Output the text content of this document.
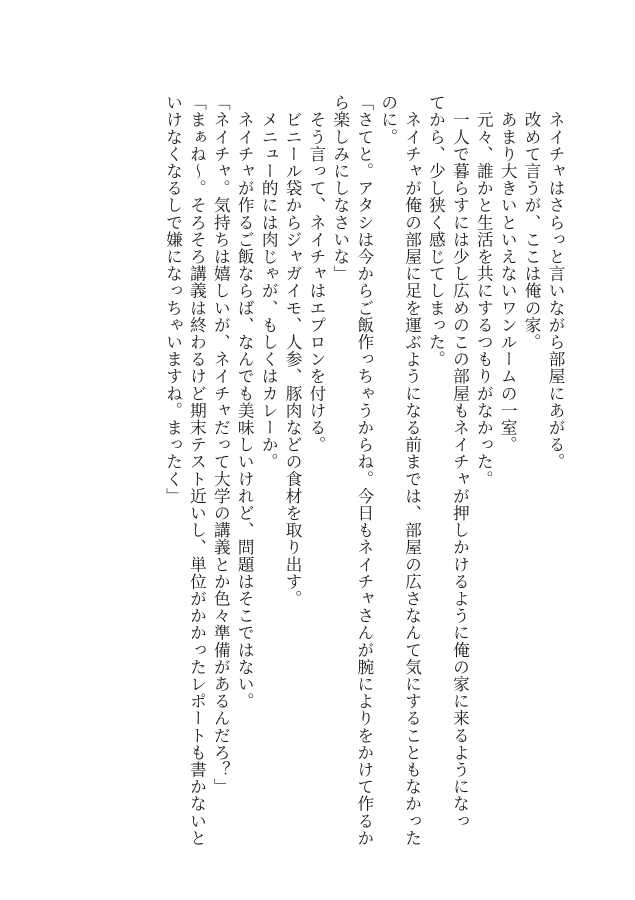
　ネイチャはさらっと言いながら部屋にあがる。
　改めて言うが、ここは俺の家。
　あまり大きいといえないワンルームの一室。
　元々、誰かと生活を共にするつもりがなかった。
　一人で暮らすには少し広めのこの部屋もネイチャが押しかけるように俺の家に来るようになっ
てから、少し狭く感じてしまった。
　ネイチャが俺の部屋に足を運ぶようになる前までは、部屋の広さなんて気にすることもなかった
のに。
「さてと。アタシは今からご飯作っちゃうからね。今日もネイチャさんが腕によりをかけて作るか
ら楽しみにしなさいな」
　そう言って、ネイチャはエプロンを付ける。
　ビニール袋からジャガイモ、人参、豚肉などの食材を取り出す。
　メニュー的には肉じゃが、もしくはカレーか。
　ネイチャが作るご飯ならば、なんでも美味しいけれど、問題はそこではない。
「ネイチャ。気持ちは嬉しいが、ネイチャだって大学の講義とか色々準備があるんだろ？」
「まぁね～。そろそろ講義は終わるけど期末テスト近いし、単位がかかったレポートも書かないと
いけなくなるしで嫌になっちゃいますね。まったく」
